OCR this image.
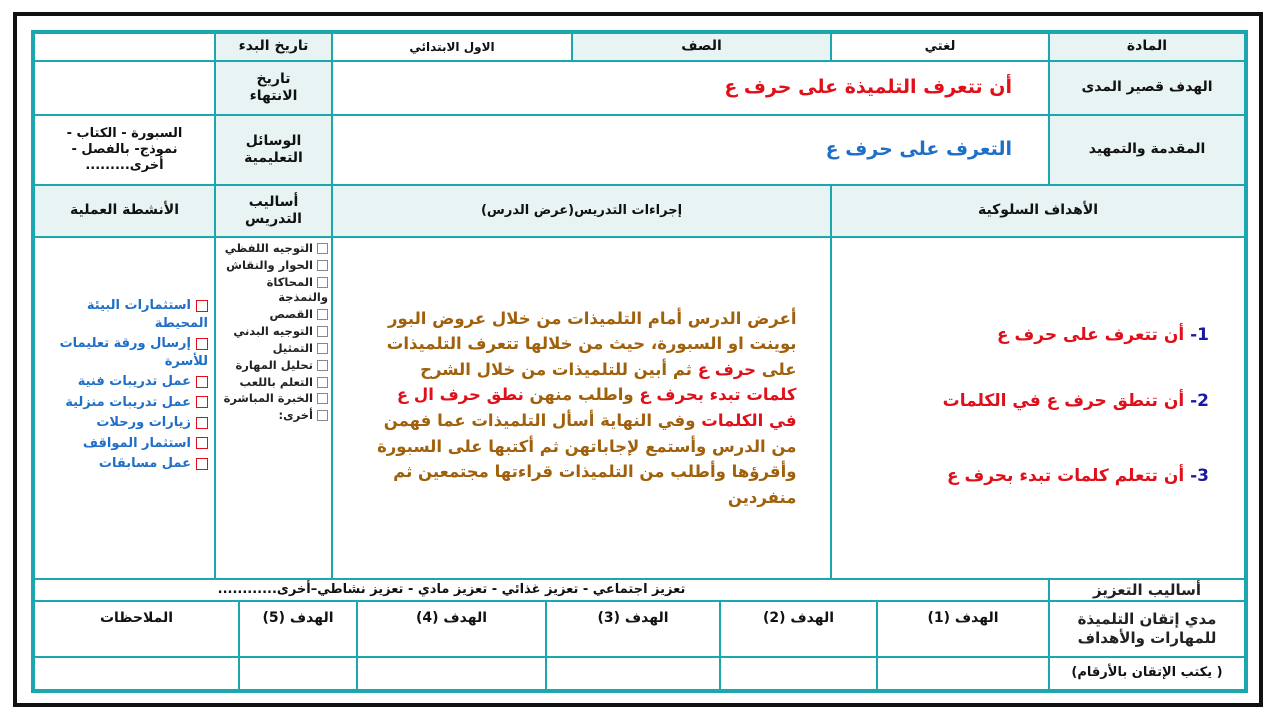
المادة
لغتي
الصف
الاول الابتدائي
تاريخ البدء
الهدف قصير المدى
أن تتعرف التلميذة على حرف ع
تاريخ الانتهاء
المقدمة والتمهيد
التعرف على حرف ع
الوسائل التعليمية
السبورة - الكتاب - نموذج- بالفصل - أخرى.........
الأهداف السلوكية
إجراءات التدريس(عرض الدرس)
أساليب التدريس
الأنشطة العملية
1- أن تتعرف على حرف ع
2- أن تنطق حرف ع في الكلمات
3- أن تتعلم كلمات تبدء بحرف ع
أعرض الدرس أمام التلميذات من خلال عروض البور بوينت او السبورة، حيث من خلالها تتعرف التلميذات على حرف ع ثم أبين للتلميذات من خلال الشرح كلمات تبدء بحرف ع واطلب منهن نطق حرف ال ع في الكلمات وفي النهاية أسأل التلميذات عما فهمن من الدرس وأستمع لإجاباتهن ثم أكتبها على السبورة وأقرؤها وأطلب من التلميذات قراءتها مجتمعين ثم منفردين
التوجيه اللفظي
الحوار والنقاش
المحاكاة والنمذجة
القصص
التوجيه البدني
التمثيل
تحليل المهارة
التعلم باللعب
الخبرة المباشرة
أخرى:
استثمارات البيئة المحيطة
إرسال ورقة تعليمات للأسرة
عمل تدريبات فنية
عمل تدريبات منزلية
زيارات ورحلات
استثمار المواقف
عمل مسابقات
أساليب التعزيز
تعزيز اجتماعي - تعزيز غذائي - تعزيز مادي - تعزيز نشاطي–أخرى............
مدي إتقان التلميذة للمهارات والأهداف
الهدف (1)
الهدف (2)
الهدف (3)
الهدف (4)
الهدف (5)
الملاحظات
( يكتب الإتقان بالأرقام)
